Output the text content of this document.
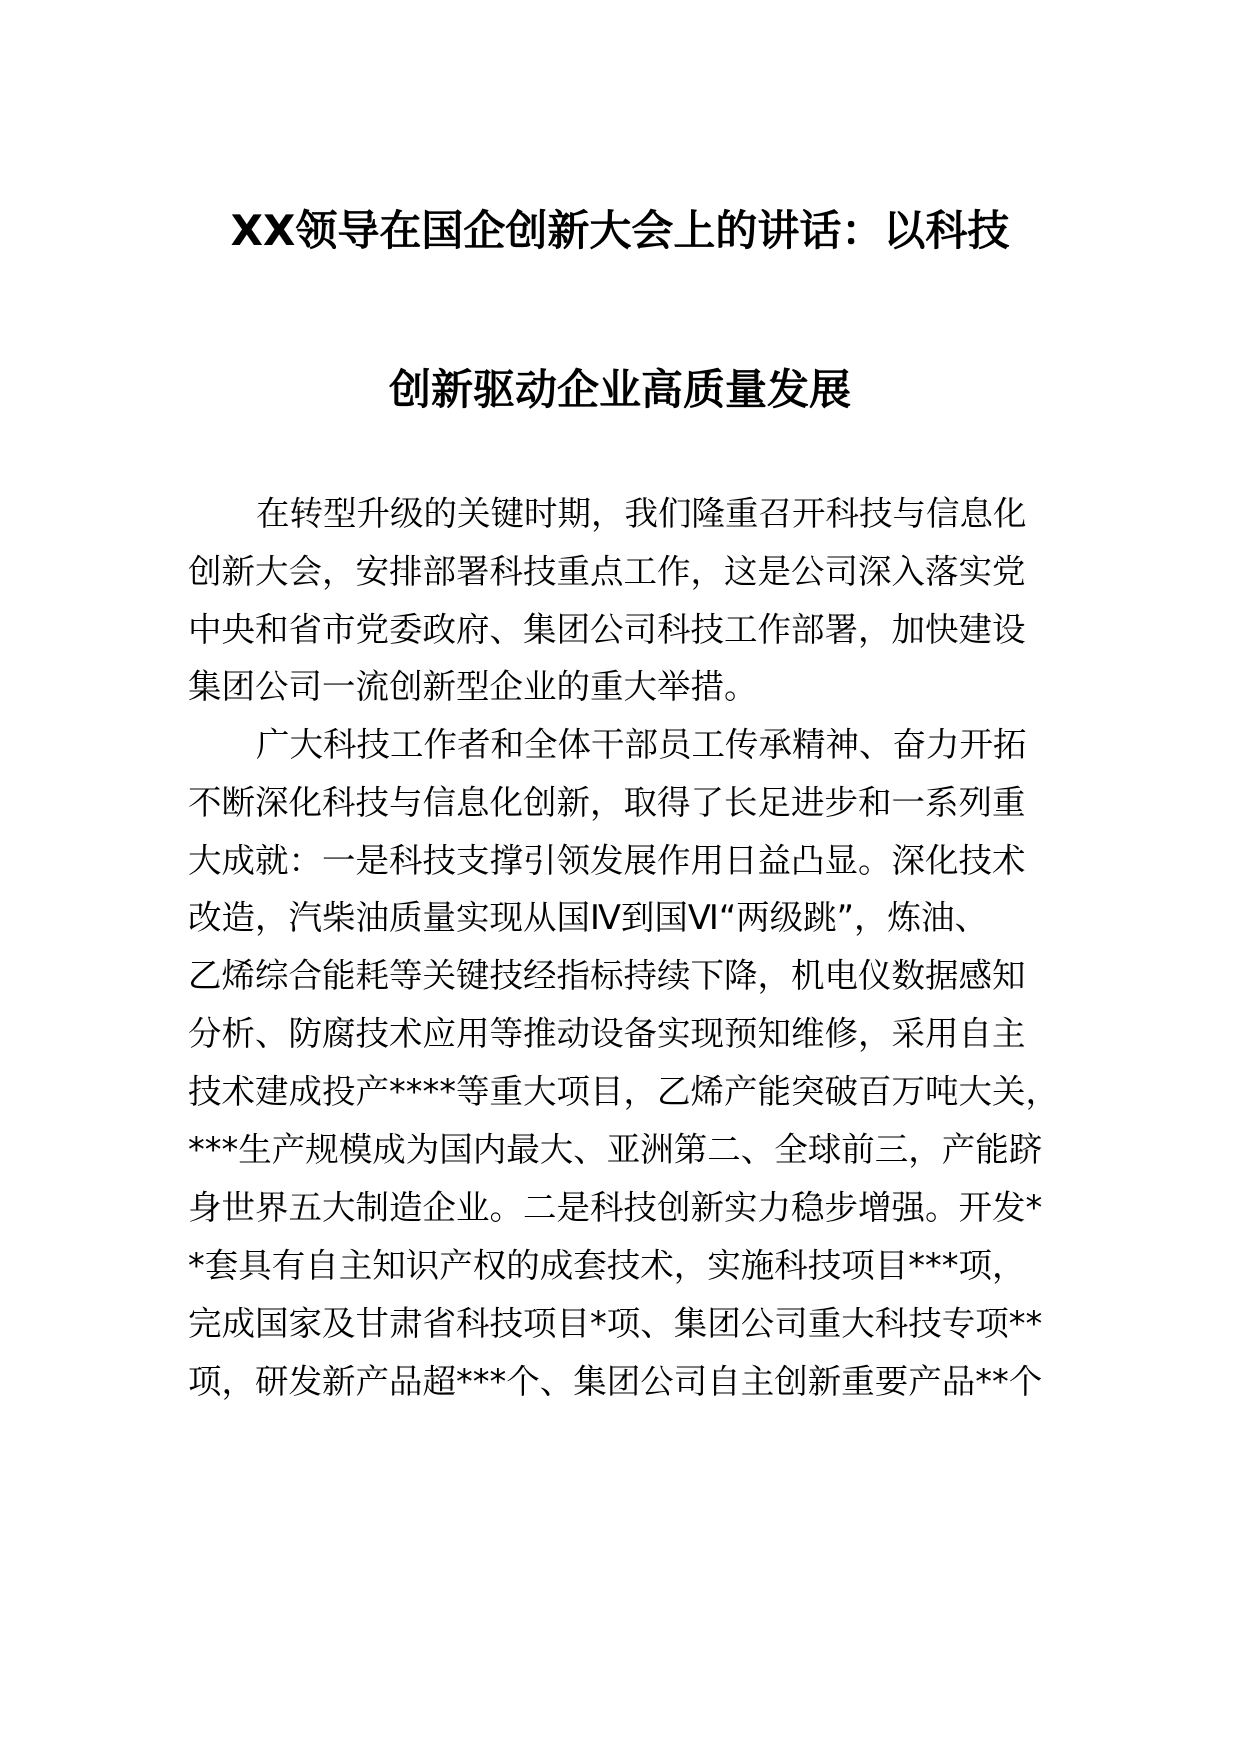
XX领导在国企创新大会上的讲话：以科技
创新驱动企业高质量发展
在转型升级的关键时期，我们隆重召开科技与信息化
创新大会，安排部署科技重点工作，这是公司深入落实党
中央和省市党委政府、集团公司科技工作部署，加快建设
集团公司一流创新型企业的重大举措。
广大科技工作者和全体干部员工传承精神、奋力开拓
不断深化科技与信息化创新，取得了长足进步和一系列重
大成就：一是科技支撑引领发展作用日益凸显。深化技术
改造，汽柴油质量实现从国Ⅳ到国Ⅵ“两级跳”，炼油、
乙烯综合能耗等关键技经指标持续下降，机电仪数据感知
分析、防腐技术应用等推动设备实现预知维修，采用自主
技术建成投产****等重大项目，乙烯产能突破百万吨大关，
***生产规模成为国内最大、亚洲第二、全球前三，产能跻
身世界五大制造企业。二是科技创新实力稳步增强。开发*
*套具有自主知识产权的成套技术，实施科技项目***项，
完成国家及甘肃省科技项目*项、集团公司重大科技专项**
项，研发新产品超***个、集团公司自主创新重要产品**个
